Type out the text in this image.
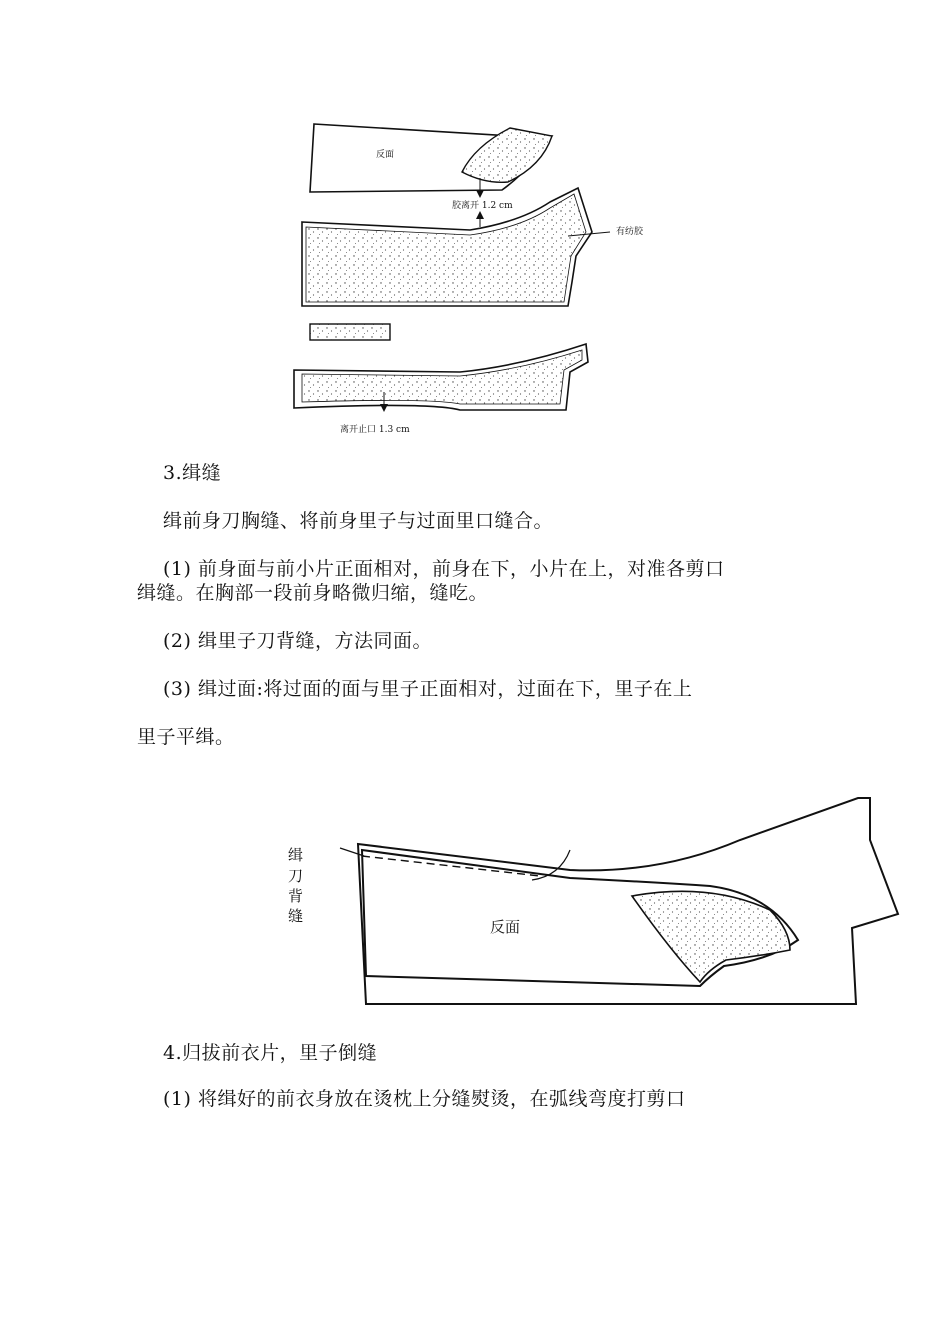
反面
胶离开 1.2 cm
有纺胶
离开止口 1.3 cm
3.缉缝
缉前身刀胸缝、将前身里子与过面里口缝合。
(1) 前身面与前小片正面相对，前身在下，小片在上，对准各剪口
缉缝。在胸部一段前身略微归缩，缝吃。
(2) 缉里子刀背缝，方法同面。
(3) 缉过面:将过面的面与里子正面相对，过面在下，里子在上
里子平缉。
缉
刀
背
缝
反面
4.归拔前衣片，里子倒缝
(1) 将缉好的前衣身放在烫枕上分缝熨烫，在弧线弯度打剪口
